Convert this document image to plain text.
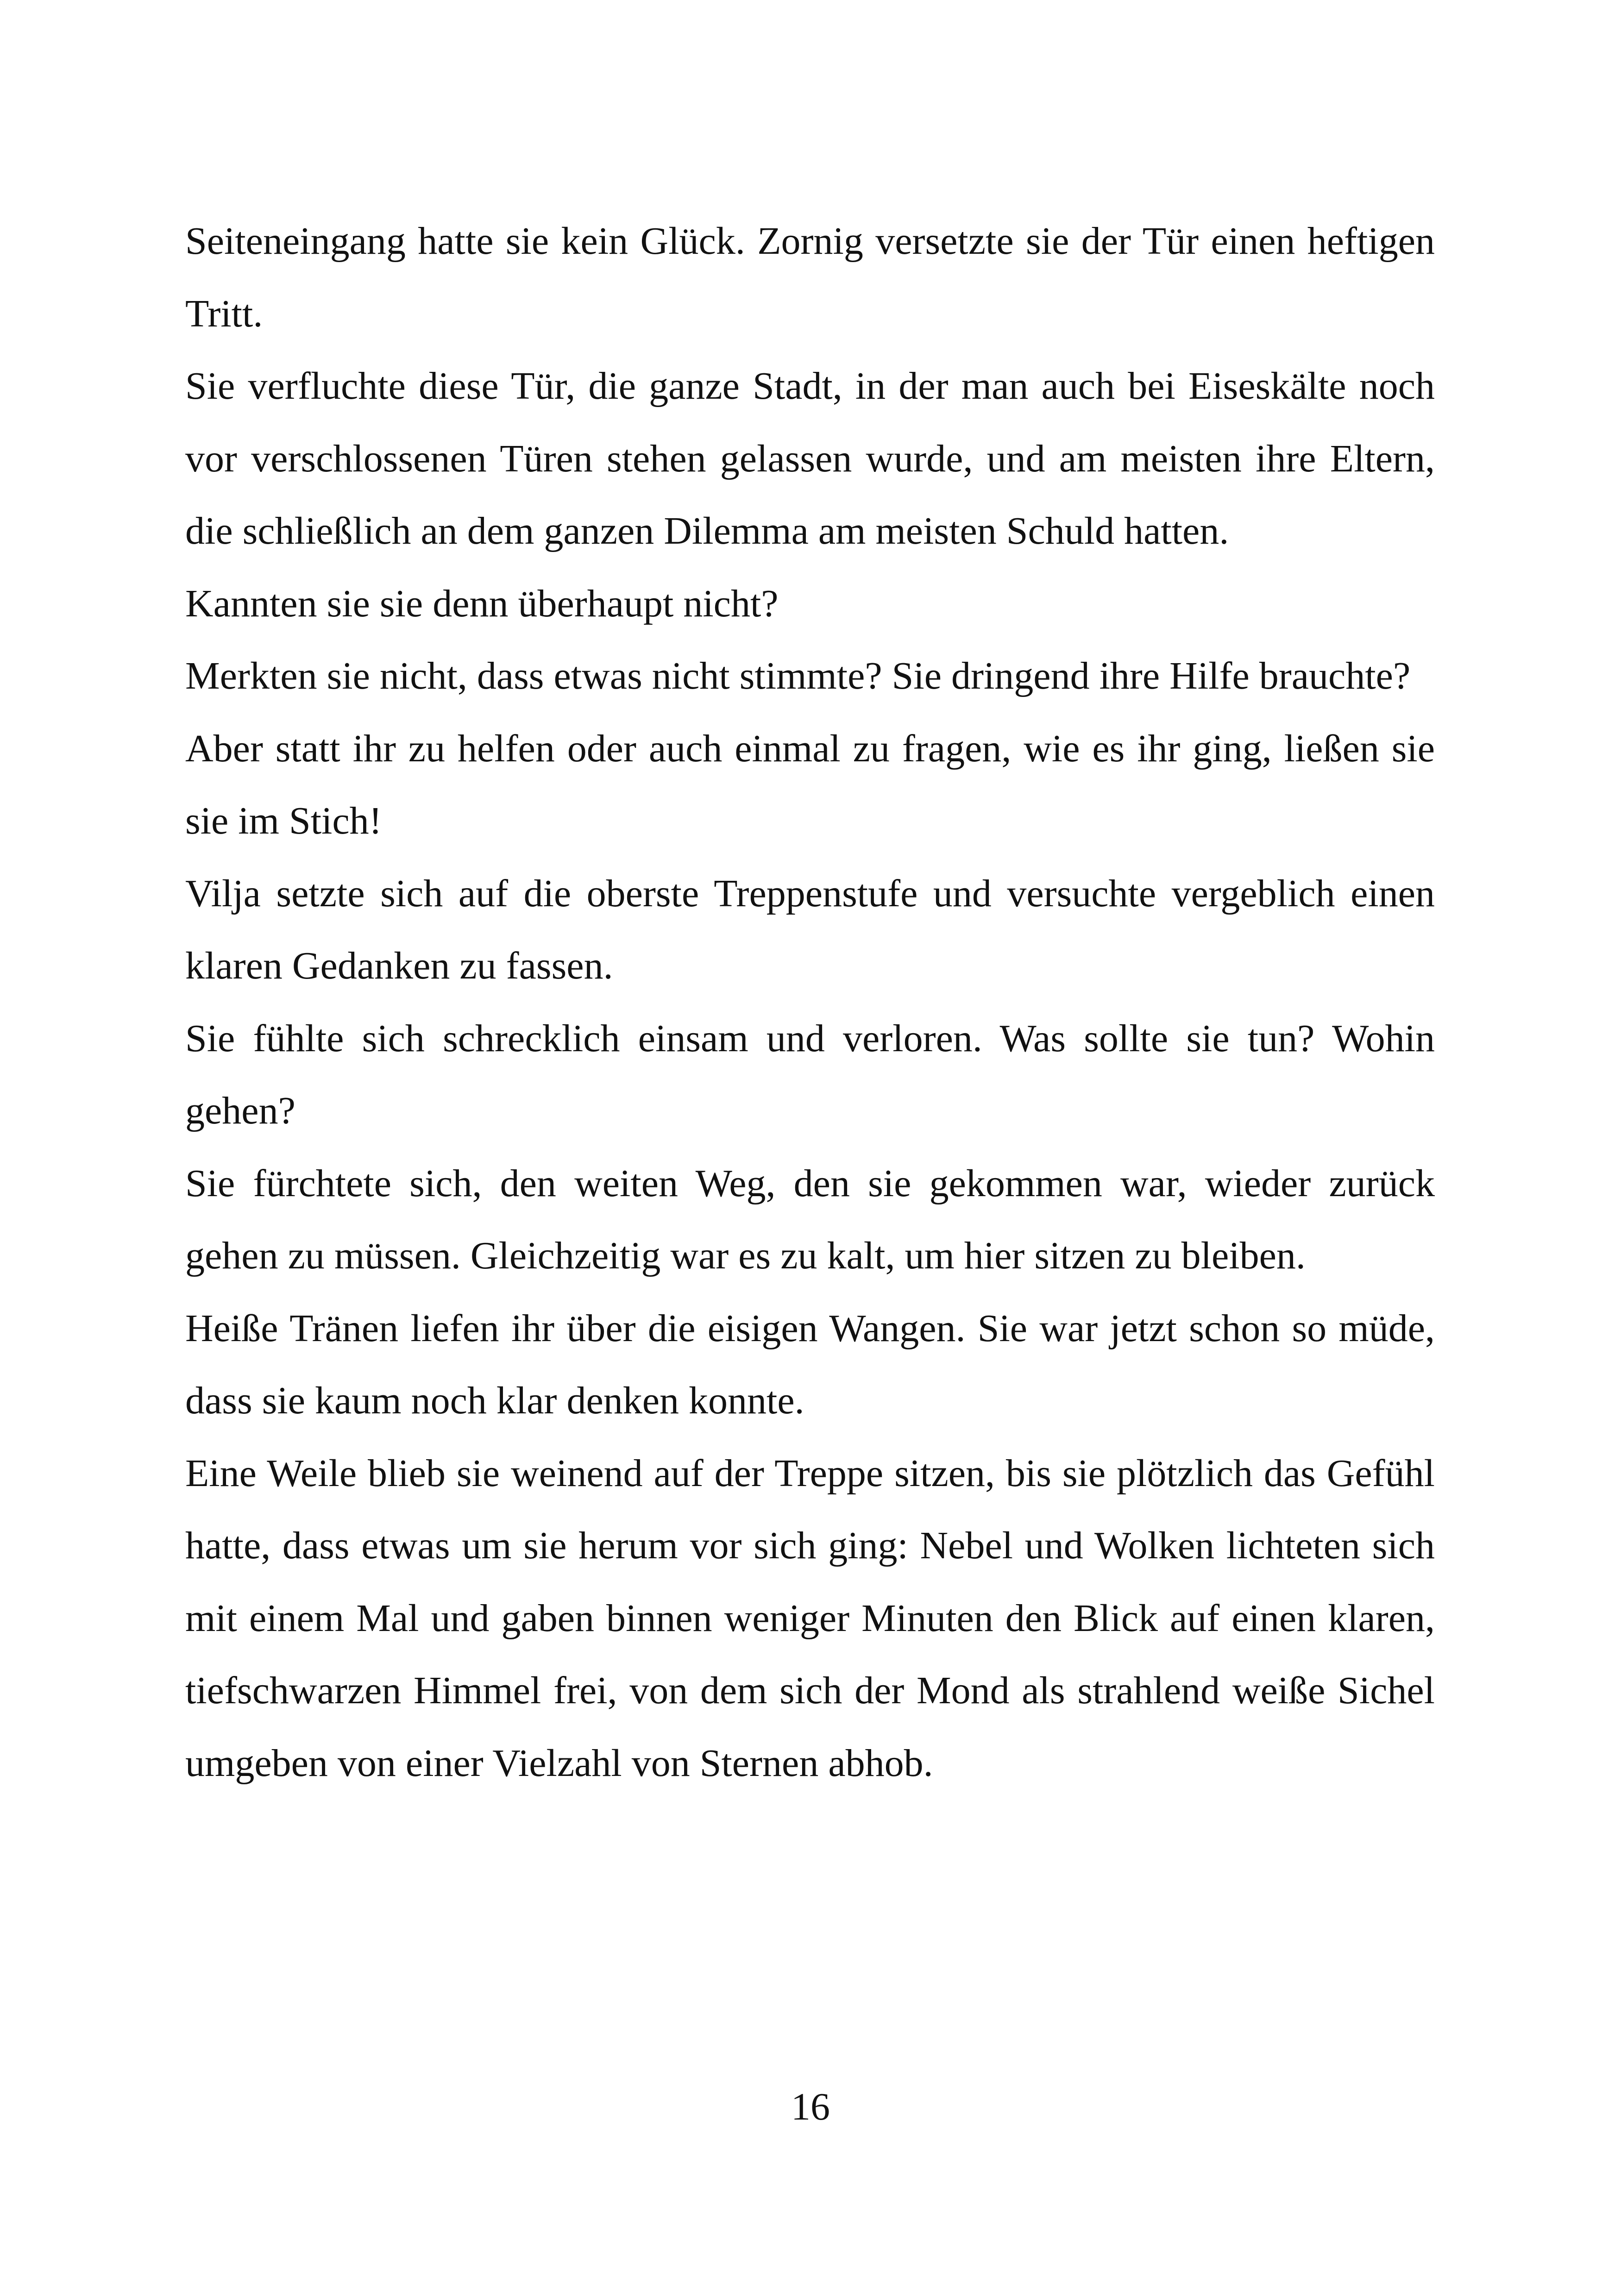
Seiteneingang hatte sie kein Glück. Zornig versetzte sie der Tür einen heftigen Tritt.

Sie verfluchte diese Tür, die ganze Stadt, in der man auch bei Eiseskälte noch vor verschlossenen Türen stehen gelassen wurde, und am meisten ihre Eltern, die schließlich an dem ganzen Dilemma am meisten Schuld hatten.

Kannten sie sie denn überhaupt nicht?

Merkten sie nicht, dass etwas nicht stimmte? Sie dringend ihre Hilfe brauchte?

Aber statt ihr zu helfen oder auch einmal zu fragen, wie es ihr ging, ließen sie sie im Stich!

Vilja setzte sich auf die oberste Treppenstufe und versuchte vergeblich einen klaren Gedanken zu fassen.

Sie fühlte sich schrecklich einsam und verloren. Was sollte sie tun? Wohin gehen?

Sie fürchtete sich, den weiten Weg, den sie gekommen war, wieder zurück gehen zu müssen. Gleichzeitig war es zu kalt, um hier sitzen zu bleiben.

Heiße Tränen liefen ihr über die eisigen Wangen. Sie war jetzt schon so müde, dass sie kaum noch klar denken konnte.

Eine Weile blieb sie weinend auf der Treppe sitzen, bis sie plötzlich das Gefühl hatte, dass etwas um sie herum vor sich ging: Nebel und Wolken lichteten sich mit einem Mal und gaben binnen weniger Minuten den Blick auf einen klaren, tiefschwarzen Himmel frei, von dem sich der Mond als strahlend weiße Sichel umgeben von einer Vielzahl von Sternen abhob.

16
